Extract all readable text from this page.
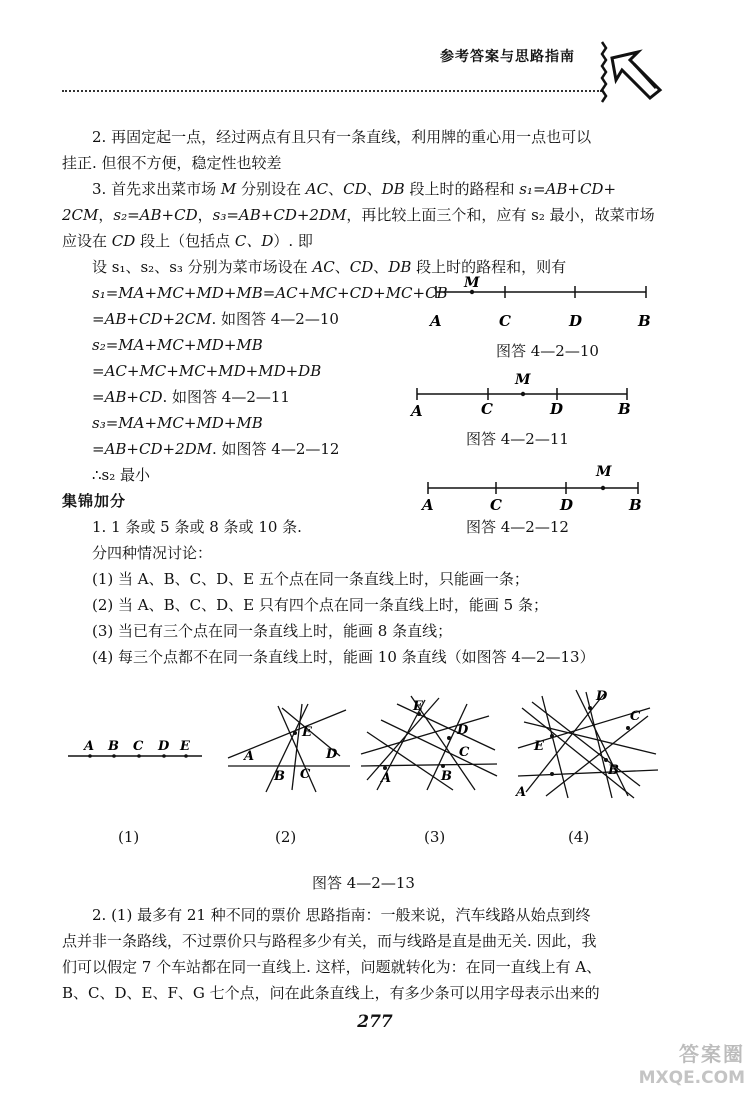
参考答案与思路指南

2. 再固定起一点，经过两点有且只有一条直线，利用牌的重心用一点也可以

挂正. 但很不方便，稳定性也较差

3. 首先求出菜市场 M 分别设在 AC、CD、DB 段上时的路程和 s₁=AB+CD+

2CM，s₂=AB+CD，s₃=AB+CD+2DM，再比较上面三个和，应有 s₂ 最小，故菜市场

应设在 CD 段上（包括点 C、D）. 即

设 s₁、s₂、s₃ 分别为菜市场设在 AC、CD、DB 段上时的路程和，则有

s₁=MA+MC+MD+MB=AC+MC+CD+MC+CB

=AB+CD+2CM. 如图答 4—2—10

s₂=MA+MC+MD+MB

=AC+MC+MC+MD+MD+DB

=AB+CD. 如图答 4—2—11

s₃=MA+MC+MD+MB

=AB+CD+2DM. 如图答 4—2—12

∴s₂ 最小

A	C	D	B
M

图答 4—2—10

A	C	D	B
M

图答 4—2—11

A	C	D	B
M

图答 4—2—12

集锦加分

1. 1 条或 5 条或 8 条或 10 条.

分四种情况讨论：

(1) 当 A、B、C、D、E 五个点在同一条直线上时，只能画一条；

(2) 当 A、B、C、D、E 只有四个点在同一条直线上时，能画 5 条；

(3) 当已有三个点在同一条直线上时，能画 8 条直线；

(4) 每三个点都不在同一条直线上时，能画 10 条直线（如图答 4—2—13）

A B C D E
E
A
B C
D
E
D
C
A	B
D
C
E
B
A

(1)	(2)	(3)	(4)

图答 4—2—13

2. (1) 最多有 21 种不同的票价 思路指南：一般来说，汽车线路从始点到终

点并非一条路线，不过票价只与路程多少有关，而与线路是直是曲无关. 因此，我

们可以假定 7 个车站都在同一直线上. 这样，问题就转化为：在同一直线上有 A、

B、C、D、E、F、G 七个点，问在此条直线上，有多少条可以用字母表示出来的

277
答案圈
MXQE.COM
